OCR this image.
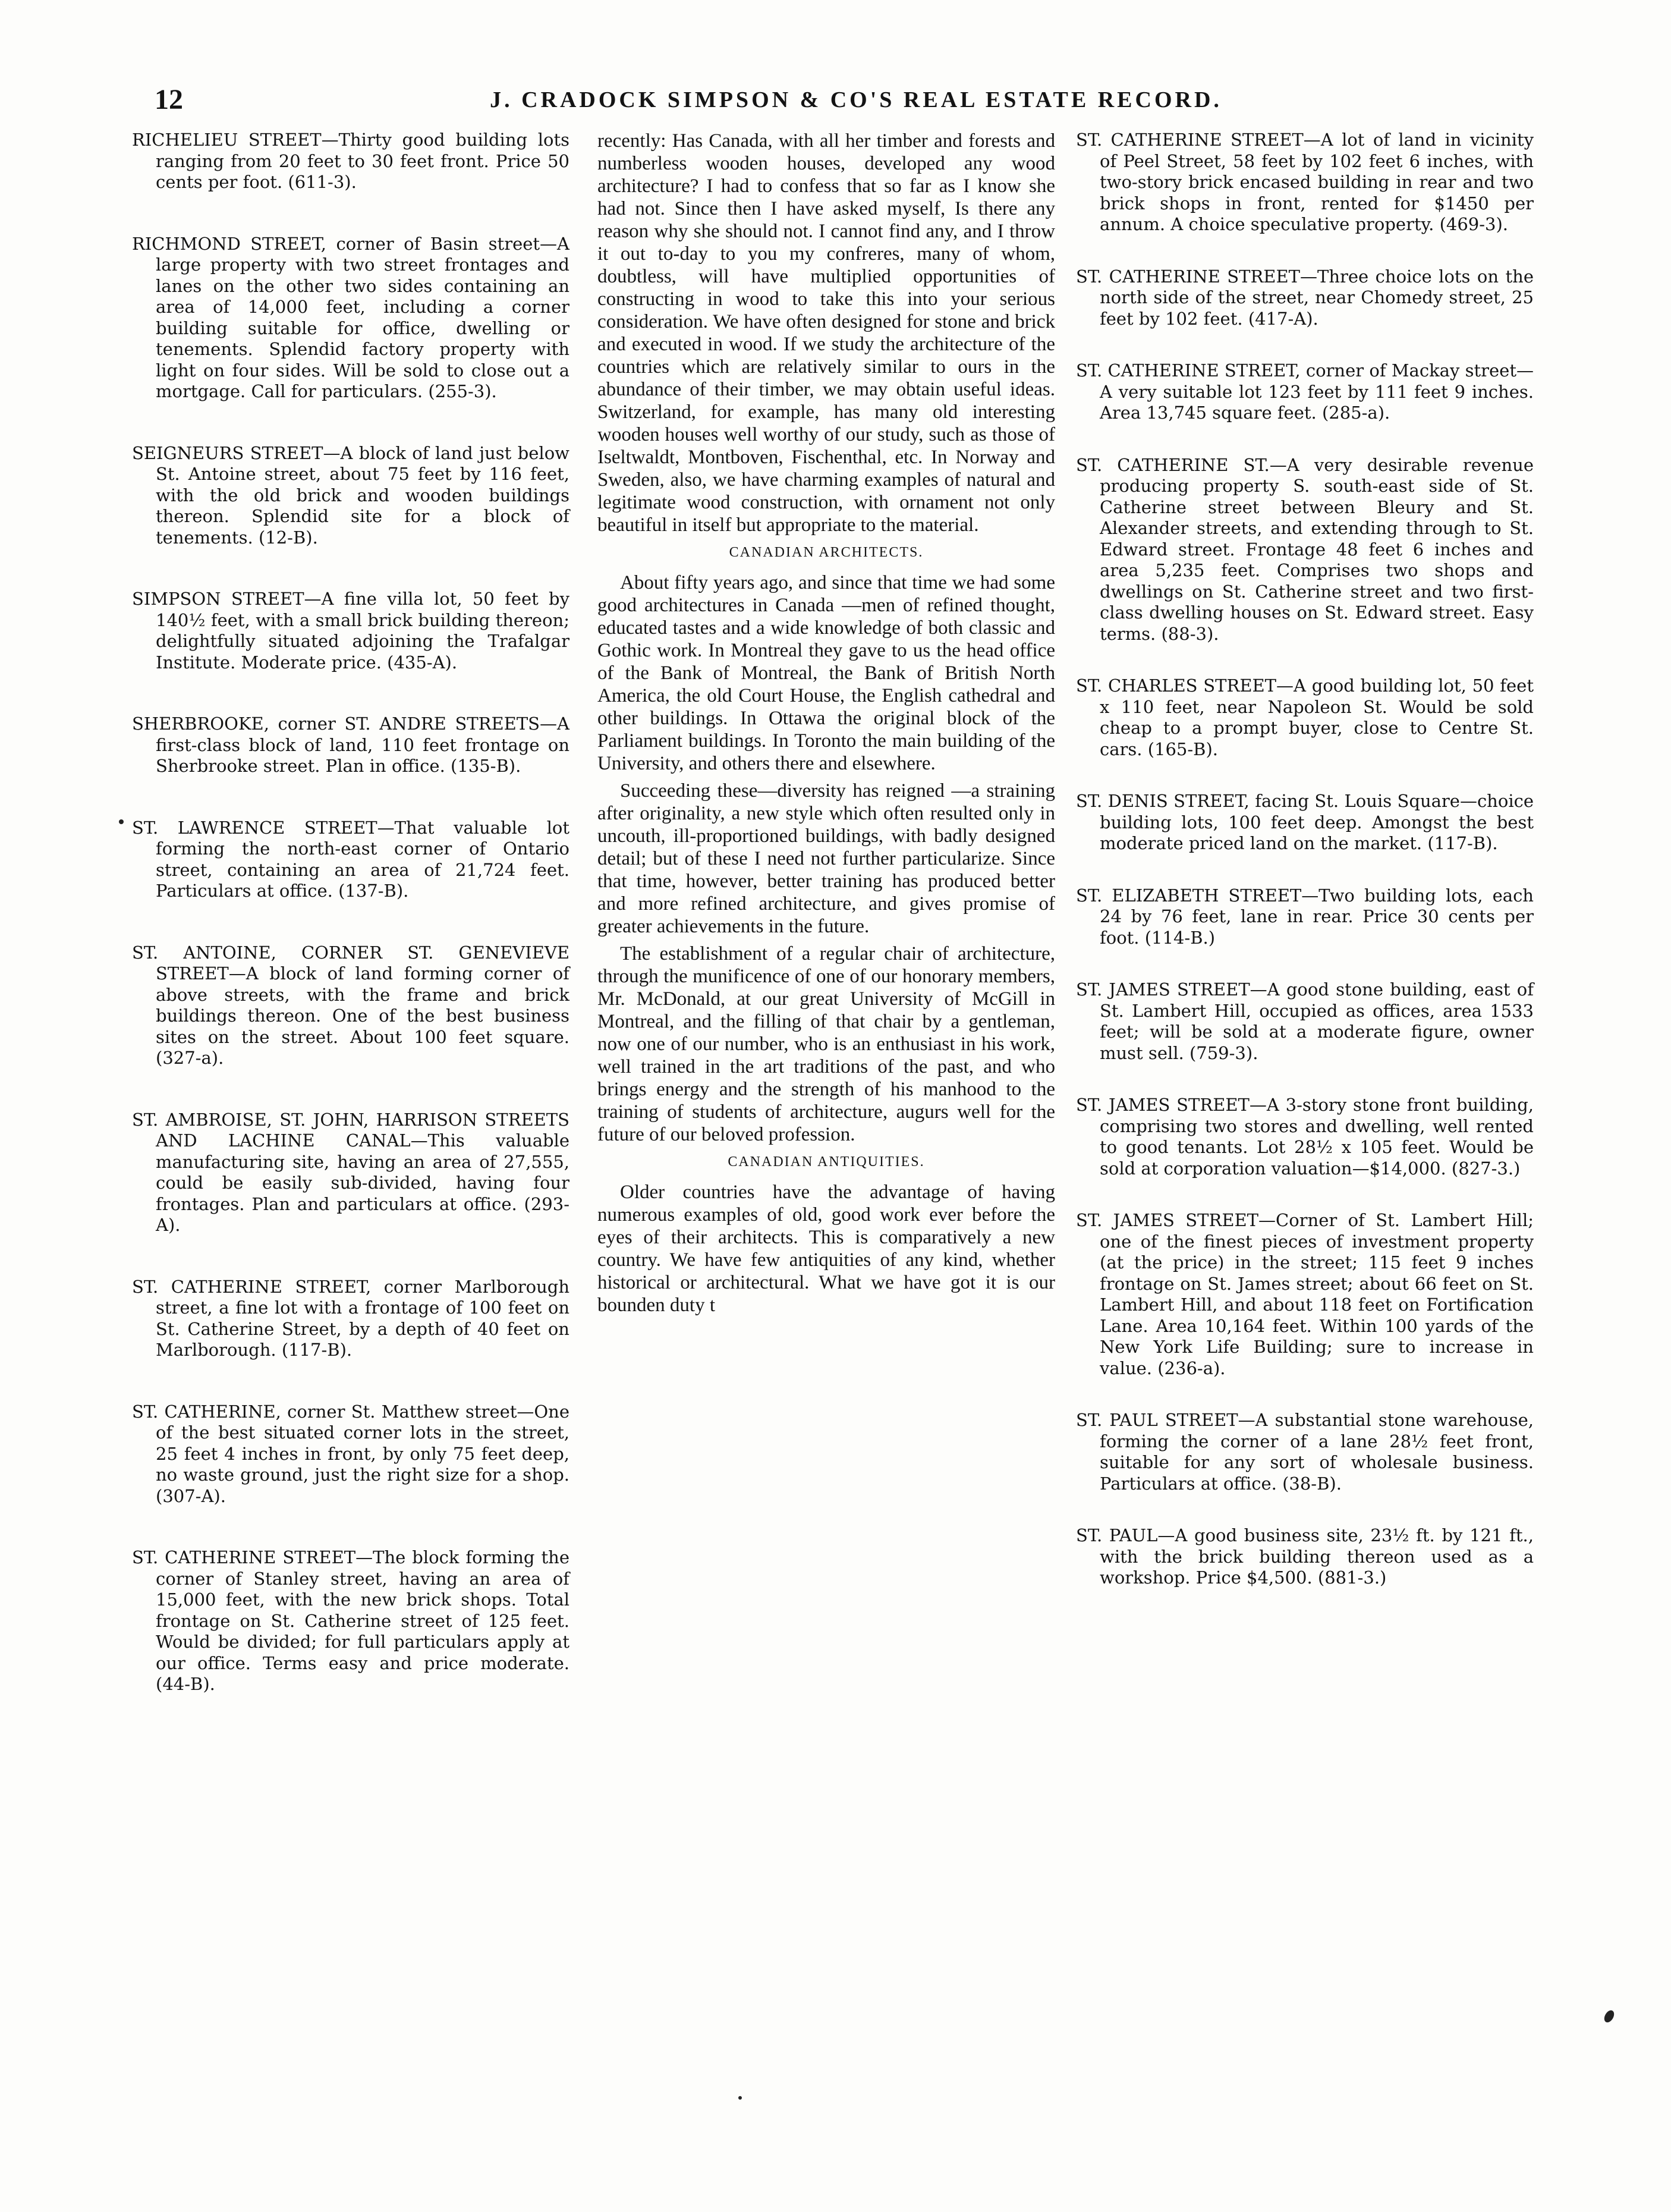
12	J. CRADOCK SIMPSON & CO'S REAL ESTATE RECORD.

RICHELIEU STREET—Thirty good building lots ranging from 20 feet to 30 feet front. Price 50 cents per foot. (611-3).

RICHMOND STREET, corner of Basin street—A large property with two street frontages and lanes on the other two sides containing an area of 14,000 feet, including a corner building suitable for office, dwelling or tenements. Splendid factory property with light on four sides. Will be sold to close out a mortgage. Call for particulars. (255-3).

SEIGNEURS STREET—A block of land just below St. Antoine street, about 75 feet by 116 feet, with the old brick and wooden buildings thereon. Splendid site for a block of tenements. (12-B).

SIMPSON STREET—A fine villa lot, 50 feet by 140½ feet, with a small brick building thereon; delightfully situated adjoining the Trafalgar Institute. Moderate price. (435-A).

SHERBROOKE, corner ST. ANDRE STREETS—A first-class block of land, 110 feet frontage on Sherbrooke street. Plan in office. (135-B).

ST. LAWRENCE STREET—That valuable lot forming the north-east corner of Ontario street, containing an area of 21,724 feet. Particulars at office. (137-B).

ST. ANTOINE, CORNER ST. GENEVIEVE STREET—A block of land forming corner of above streets, with the frame and brick buildings thereon. One of the best business sites on the street. About 100 feet square. (327-a).

ST. AMBROISE, ST. JOHN, HARRISON STREETS AND LACHINE CANAL—This valuable manufacturing site, having an area of 27,555, could be easily sub-divided, having four frontages. Plan and particulars at office. (293-A).

ST. CATHERINE STREET, corner Marlborough street, a fine lot with a frontage of 100 feet on St. Catherine Street, by a depth of 40 feet on Marlborough. (117-B).

ST. CATHERINE, corner St. Matthew street—One of the best situated corner lots in the street, 25 feet 4 inches in front, by only 75 feet deep, no waste ground, just the right size for a shop. (307-A).

ST. CATHERINE STREET—The block forming the corner of Stanley street, having an area of 15,000 feet, with the new brick shops. Total frontage on St. Catherine street of 125 feet. Would be divided; for full particulars apply at our office. Terms easy and price moderate. (44-B).

recently: Has Canada, with all her timber and forests and numberless wooden houses, developed any wood architecture? I had to confess that so far as I know she had not. Since then I have asked myself, Is there any reason why she should not. I cannot find any, and I throw it out to-day to you my confreres, many of whom, doubtless, will have multiplied opportunities of constructing in wood to take this into your serious consideration. We have often designed for stone and brick and executed in wood. If we study the architecture of the countries which are relatively similar to ours in the abundance of their timber, we may obtain useful ideas. Switzerland, for example, has many old interesting wooden houses well worthy of our study, such as those of Iseltwaldt, Montboven, Fischenthal, etc. In Norway and Sweden, also, we have charming examples of natural and legitimate wood construction, with ornament not only beautiful in itself but appropriate to the material.

CANADIAN ARCHITECTS.

About fifty years ago, and since that time we had some good architectures in Canada —men of refined thought, educated tastes and a wide knowledge of both classic and Gothic work. In Montreal they gave to us the head office of the Bank of Montreal, the Bank of British North America, the old Court House, the English cathedral and other buildings. In Ottawa the original block of the Parliament buildings. In Toronto the main building of the University, and others there and elsewhere.

Succeeding these—diversity has reigned —a straining after originality, a new style which often resulted only in uncouth, ill-proportioned buildings, with badly designed detail; but of these I need not further particularize. Since that time, however, better training has produced better and more refined architecture, and gives promise of greater achievements in the future.

The establishment of a regular chair of architecture, through the munificence of one of our honorary members, Mr. McDonald, at our great University of McGill in Montreal, and the filling of that chair by a gentleman, now one of our number, who is an enthusiast in his work, well trained in the art traditions of the past, and who brings energy and the strength of his manhood to the training of students of architecture, augurs well for the future of our beloved profession.

CANADIAN ANTIQUITIES.

Older countries have the advantage of having numerous examples of old, good work ever before the eyes of their architects. This is comparatively a new country. We have few antiquities of any kind, whether historical or architectural. What we have got it is our bounden duty t

ST. CATHERINE STREET—A lot of land in vicinity of Peel Street, 58 feet by 102 feet 6 inches, with two-story brick encased building in rear and two brick shops in front, rented for $1450 per annum. A choice speculative property. (469-3).

ST. CATHERINE STREET—Three choice lots on the north side of the street, near Chomedy street, 25 feet by 102 feet. (417-A).

ST. CATHERINE STREET, corner of Mackay street—A very suitable lot 123 feet by 111 feet 9 inches. Area 13,745 square feet. (285-a).

ST. CATHERINE ST.—A very desirable revenue producing property S. south-east side of St. Catherine street between Bleury and St. Alexander streets, and extending through to St. Edward street. Frontage 48 feet 6 inches and area 5,235 feet. Comprises two shops and dwellings on St. Catherine street and two first-class dwelling houses on St. Edward street. Easy terms. (88-3).

ST. CHARLES STREET—A good building lot, 50 feet x 110 feet, near Napoleon St. Would be sold cheap to a prompt buyer, close to Centre St. cars. (165-B).

ST. DENIS STREET, facing St. Louis Square—choice building lots, 100 feet deep. Amongst the best moderate priced land on the market. (117-B).

ST. ELIZABETH STREET—Two building lots, each 24 by 76 feet, lane in rear. Price 30 cents per foot. (114-B.)

ST. JAMES STREET—A good stone building, east of St. Lambert Hill, occupied as offices, area 1533 feet; will be sold at a moderate figure, owner must sell. (759-3).

ST. JAMES STREET—A 3-story stone front building, comprising two stores and dwelling, well rented to good tenants. Lot 28½ x 105 feet. Would be sold at corporation valuation—$14,000. (827-3.)

ST. JAMES STREET—Corner of St. Lambert Hill; one of the finest pieces of investment property (at the price) in the street; 115 feet 9 inches frontage on St. James street; about 66 feet on St. Lambert Hill, and about 118 feet on Fortification Lane. Area 10,164 feet. Within 100 yards of the New York Life Building; sure to increase in value. (236-a).

ST. PAUL STREET—A substantial stone warehouse, forming the corner of a lane 28½ feet front, suitable for any sort of wholesale business. Particulars at office. (38-B).

ST. PAUL—A good business site, 23½ ft. by 121 ft., with the brick building thereon used as a workshop. Price $4,500. (881-3.)
